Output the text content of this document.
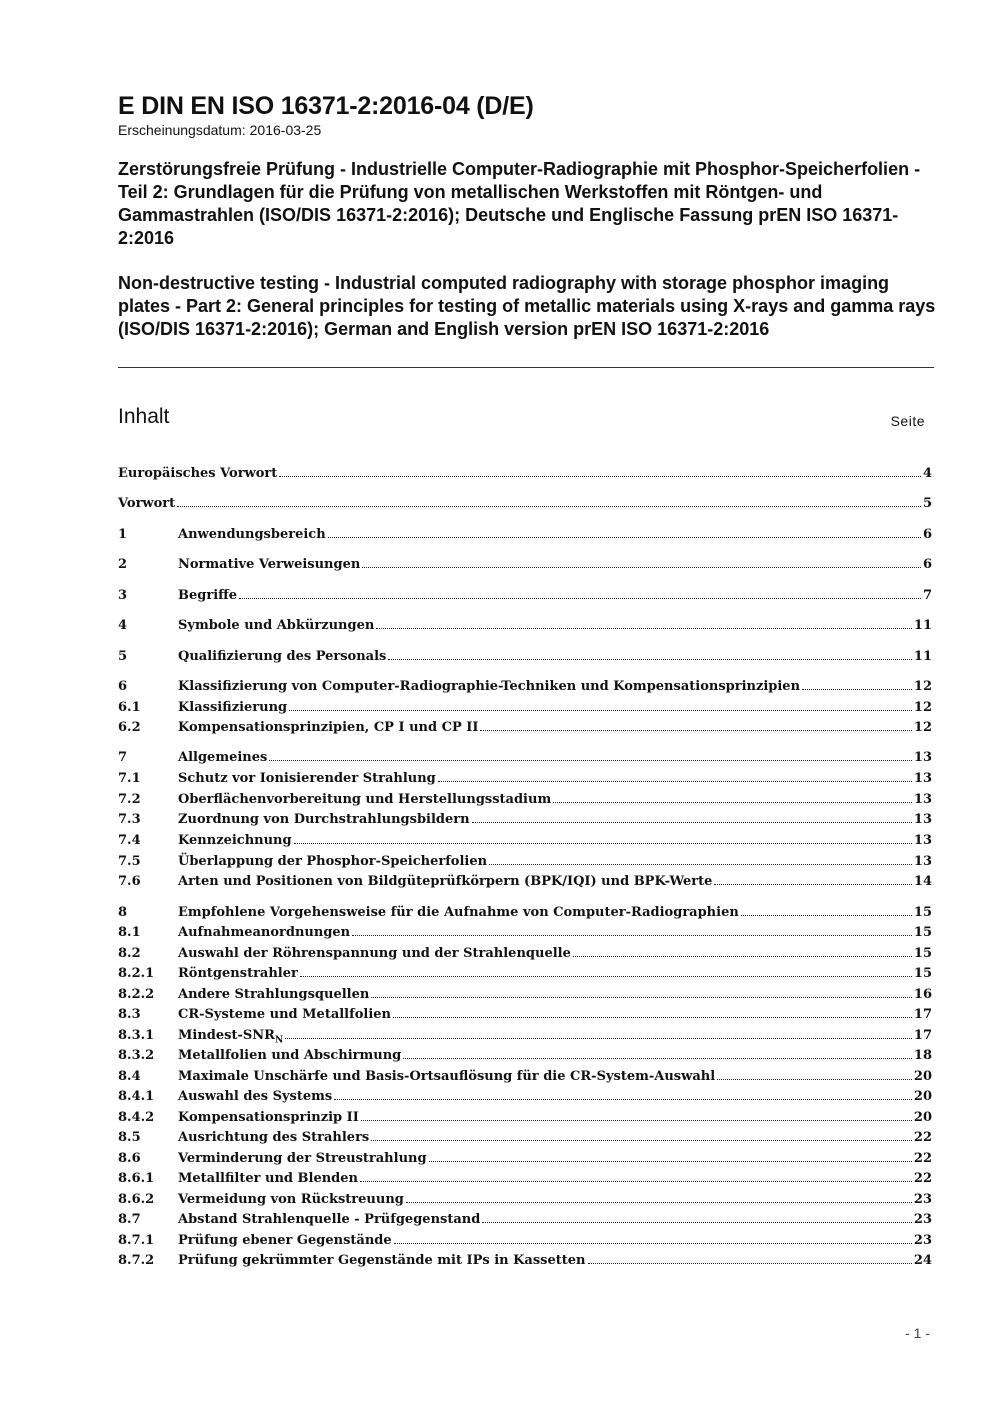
E DIN EN ISO 16371-2:2016-04 (D/E)
Erscheinungsdatum: 2016-03-25
Zerstörungsfreie Prüfung - Industrielle Computer-Radiographie mit Phosphor-Speicherfolien - Teil 2: Grundlagen für die Prüfung von metallischen Werkstoffen mit Röntgen- und Gammastrahlen (ISO/DIS 16371-2:2016); Deutsche und Englische Fassung prEN ISO 16371-2:2016
Non-destructive testing - Industrial computed radiography with storage phosphor imaging plates - Part 2: General principles for testing of metallic materials using X-rays and gamma rays (ISO/DIS 16371-2:2016); German and English version prEN ISO 16371-2:2016
Inhalt	Seite
Europäisches Vorwort	4
Vorwort	5
1	Anwendungsbereich	6
2	Normative Verweisungen	6
3	Begriffe	7
4	Symbole und Abkürzungen	11
5	Qualifizierung des Personals	11
6	Klassifizierung von Computer-Radiographie-Techniken und Kompensationsprinzipien	12
6.1	Klassifizierung	12
6.2	Kompensationsprinzipien, CP I und CP II	12
7	Allgemeines	13
7.1	Schutz vor Ionisierender Strahlung	13
7.2	Oberflächenvorbereitung und Herstellungsstadium	13
7.3	Zuordnung von Durchstrahlungsbildern	13
7.4	Kennzeichnung	13
7.5	Überlappung der Phosphor-Speicherfolien	13
7.6	Arten und Positionen von Bildgüteprüfkörpern (BPK/IQI) und BPK-Werte	14
8	Empfohlene Vorgehensweise für die Aufnahme von Computer-Radiographien	15
8.1	Aufnahmeanordnungen	15
8.2	Auswahl der Röhrenspannung und der Strahlenquelle	15
8.2.1	Röntgenstrahler	15
8.2.2	Andere Strahlungsquellen	16
8.3	CR-Systeme und Metallfolien	17
8.3.1	Mindest-$SNR_N$	17
8.3.2	Metallfolien und Abschirmung	18
8.4	Maximale Unschärfe und Basis-Ortsauflösung für die CR-System-Auswahl	20
8.4.1	Auswahl des Systems	20
8.4.2	Kompensationsprinzip II	20
8.5	Ausrichtung des Strahlers	22
8.6	Verminderung der Streustrahlung	22
8.6.1	Metallfilter und Blenden	22
8.6.2	Vermeidung von Rückstreuung	23
8.7	Abstand Strahlenquelle - Prüfgegenstand	23
8.7.1	Prüfung ebener Gegenstände	23
8.7.2	Prüfung gekrümmter Gegenstände mit IPs in Kassetten	24
- 1 -
